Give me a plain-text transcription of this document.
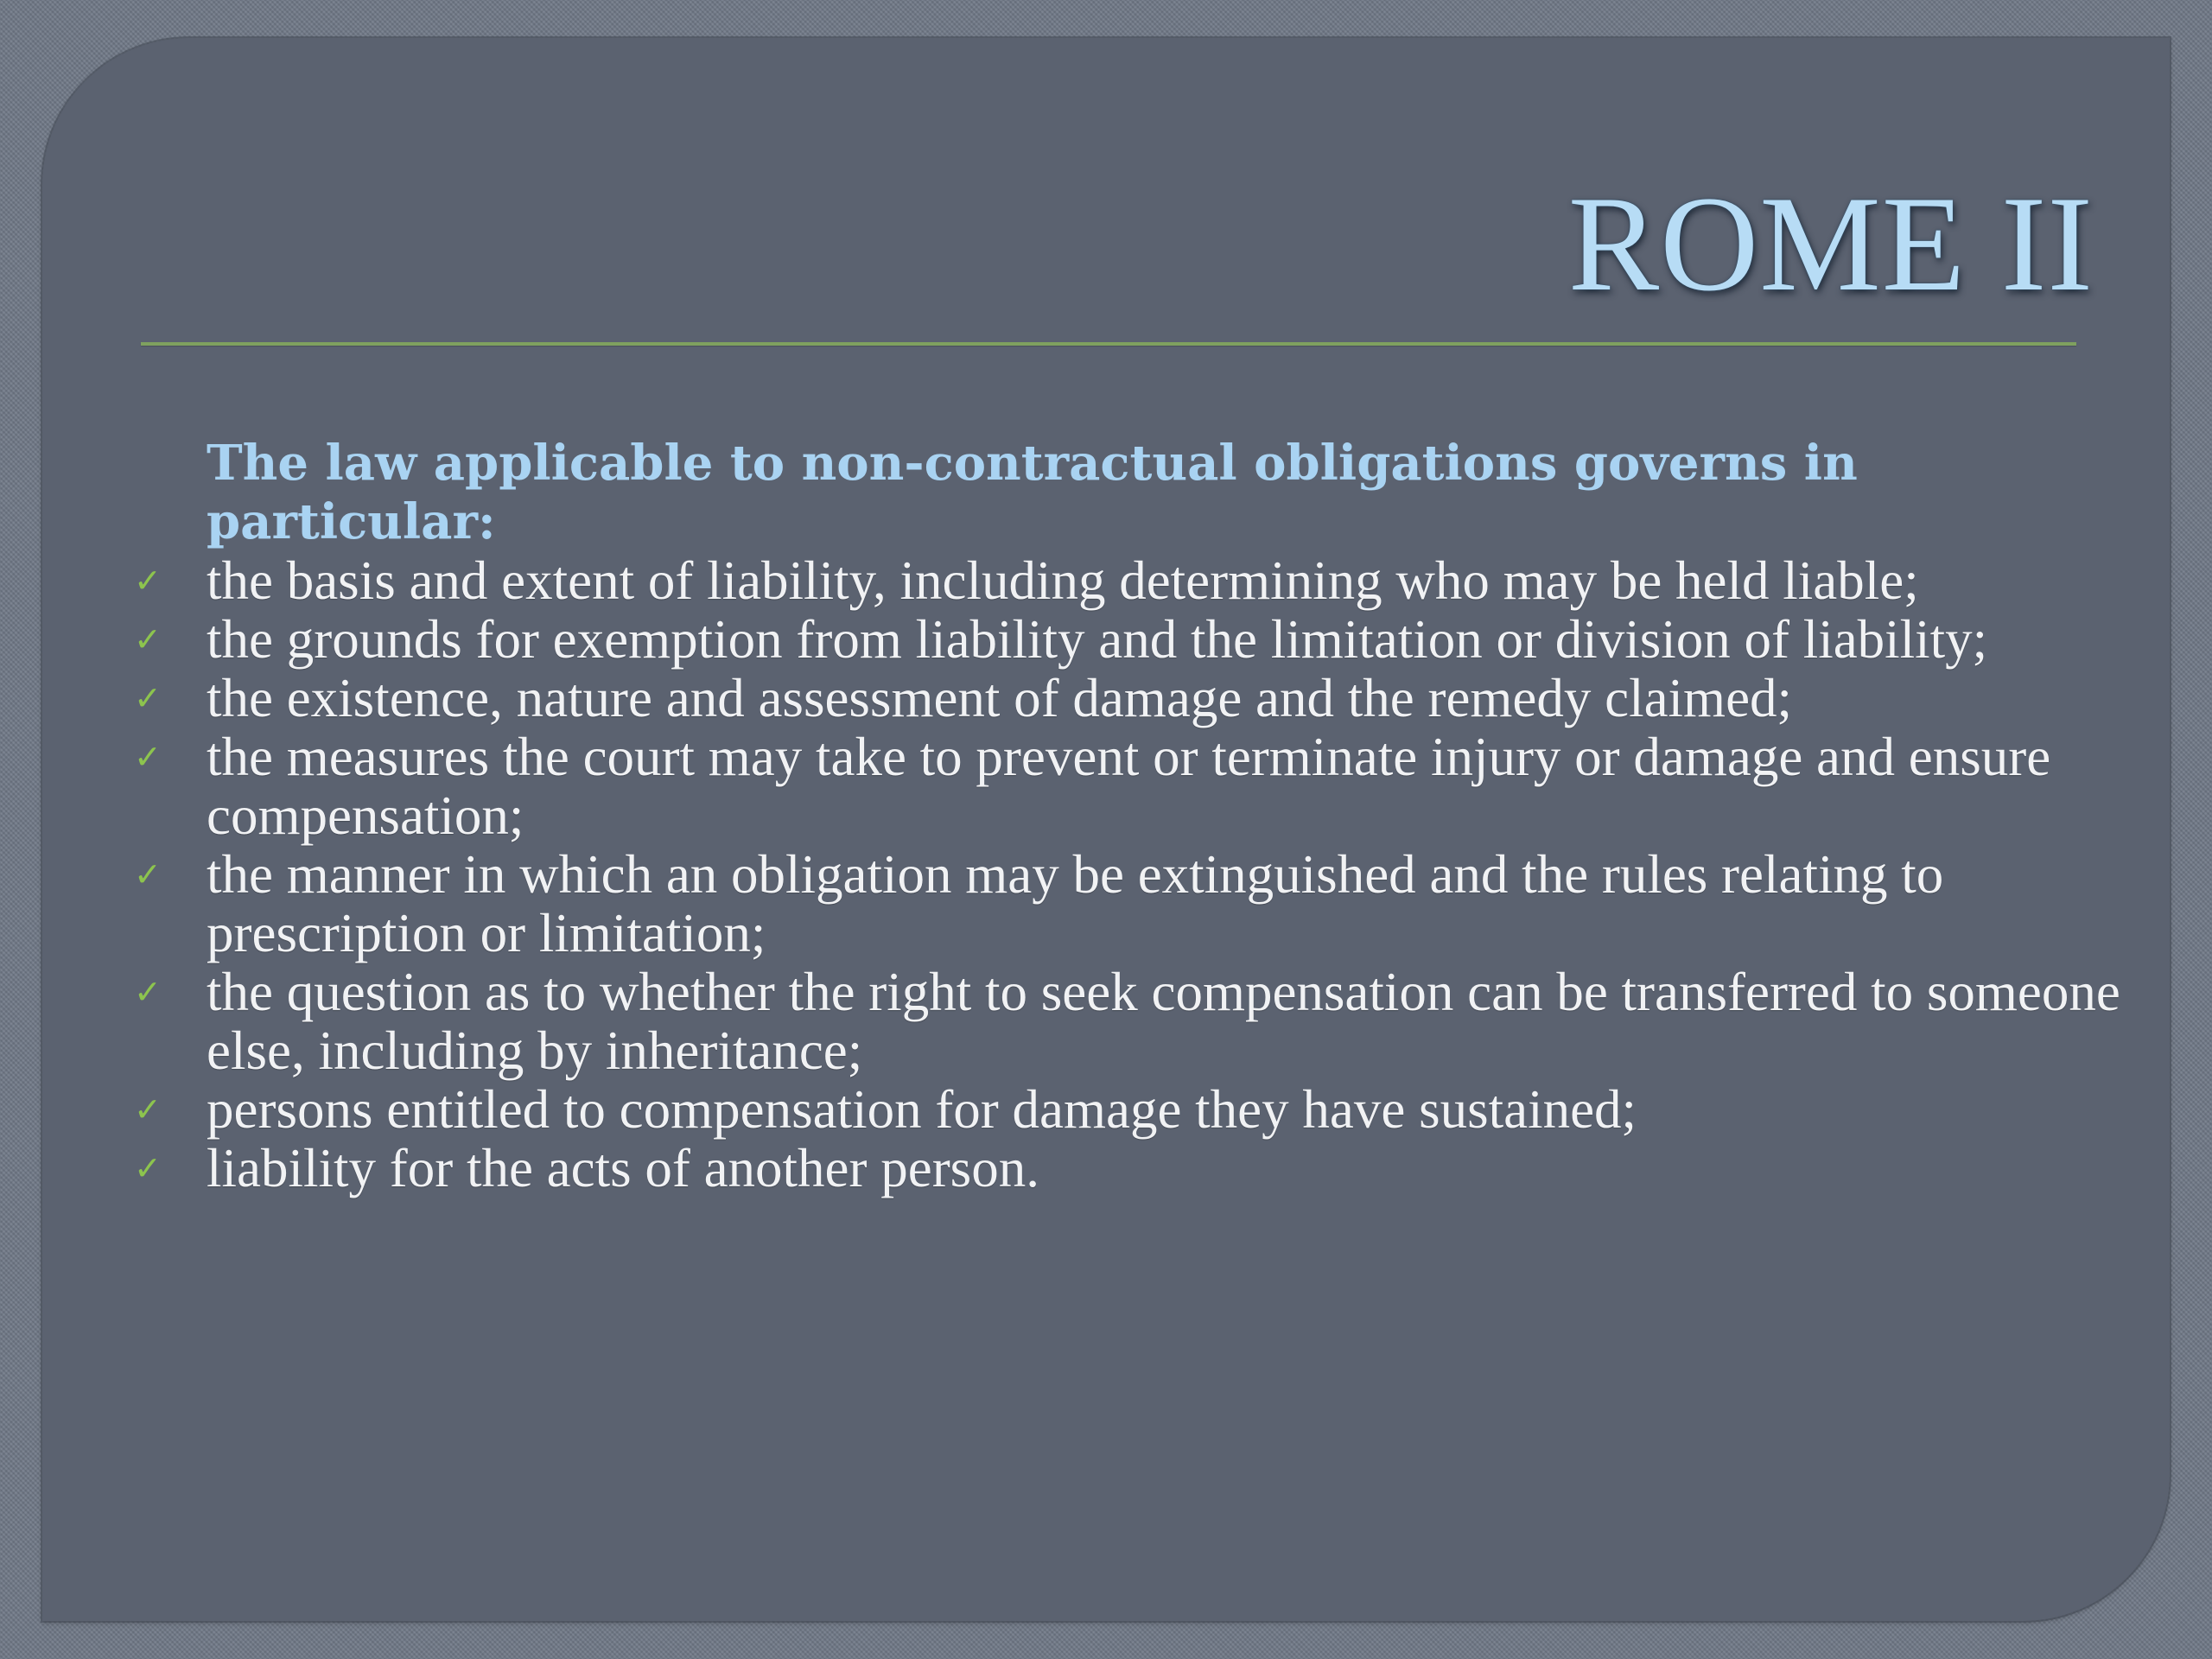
ROME II

The law applicable to non-contractual obligations governs in particular:

✓ the basis and extent of liability, including determining who may be held liable;
✓ the grounds for exemption from liability and the limitation or division of liability;
✓ the existence, nature and assessment of damage and the remedy claimed;
✓ the measures the court may take to prevent or terminate injury or damage and ensure compensation;
✓ the manner in which an obligation may be extinguished and the rules relating to prescription or limitation;
✓ the question as to whether the right to seek compensation can be transferred to someone else, including by inheritance;
✓ persons entitled to compensation for damage they have sustained;
✓ liability for the acts of another person.
